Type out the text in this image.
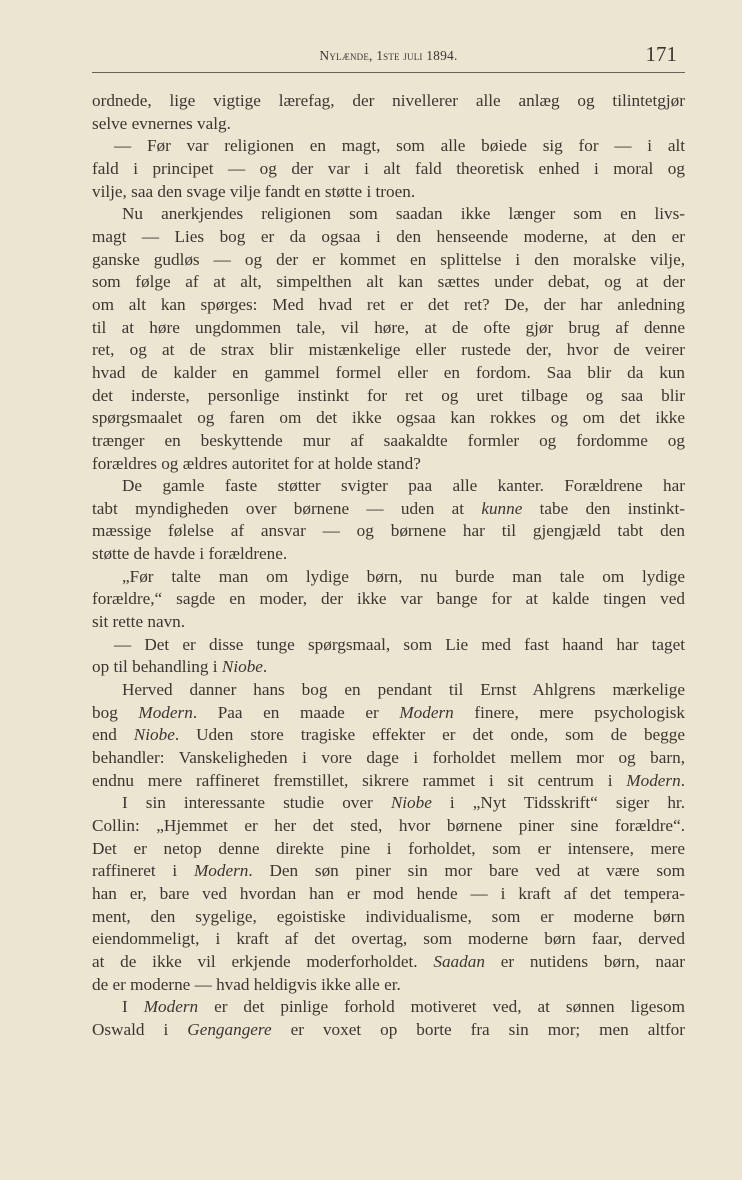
Nylænde, 1ste juli 1894.	171
ordnede, lige vigtige lærefag, der nivellerer alle anlæg og tilintetgjør
selve evnernes valg.
— Før var religionen en magt, som alle bøiede sig for — i alt
fald i principet — og der var i alt fald theoretisk enhed i moral og
vilje, saa den svage vilje fandt en støtte i troen.
Nu anerkjendes religionen som saadan ikke længer som en livs-
magt — Lies bog er da ogsaa i den henseende moderne, at den er
ganske gudløs — og der er kommet en splittelse i den moralske vilje,
som følge af at alt, simpelthen alt kan sættes under debat, og at der
om alt kan spørges: Med hvad ret er det ret? De, der har anledning
til at høre ungdommen tale, vil høre, at de ofte gjør brug af denne
ret, og at de strax blir mistænkelige eller rustede der, hvor de veirer
hvad de kalder en gammel formel eller en fordom. Saa blir da kun
det inderste, personlige instinkt for ret og uret tilbage og saa blir
spørgsmaalet og faren om det ikke ogsaa kan rokkes og om det ikke
trænger en beskyttende mur af saakaldte formler og fordomme og
forældres og ældres autoritet for at holde stand?
De gamle faste støtter svigter paa alle kanter. Forældrene har
tabt myndigheden over børnene — uden at kunne tabe den instinkt-
mæssige følelse af ansvar — og børnene har til gjengjæld tabt den
støtte de havde i forældrene.
„Før talte man om lydige børn, nu burde man tale om lydige
forældre,“ sagde en moder, der ikke var bange for at kalde tingen ved
sit rette navn.
— Det er disse tunge spørgsmaal, som Lie med fast haand har taget
op til behandling i Niobe.
Herved danner hans bog en pendant til Ernst Ahlgrens mærkelige
bog Modern. Paa en maade er Modern finere, mere psychologisk
end Niobe. Uden store tragiske effekter er det onde, som de begge
behandler: Vanskeligheden i vore dage i forholdet mellem mor og barn,
endnu mere raffineret fremstillet, sikrere rammet i sit centrum i Modern.
I sin interessante studie over Niobe i „Nyt Tidsskrift“ siger hr.
Collin: „Hjemmet er her det sted, hvor børnene piner sine forældre“.
Det er netop denne direkte pine i forholdet, som er intensere, mere
raffineret i Modern. Den søn piner sin mor bare ved at være som
han er, bare ved hvordan han er mod hende — i kraft af det tempera-
ment, den sygelige, egoistiske individualisme, som er moderne børn
eiendommeligt, i kraft af det overtag, som moderne børn faar, derved
at de ikke vil erkjende moderforholdet. Saadan er nutidens børn, naar
de er moderne — hvad heldigvis ikke alle er.
I Modern er det pinlige forhold motiveret ved, at sønnen ligesom
Oswald i Gengangere er voxet op borte fra sin mor; men altfor
